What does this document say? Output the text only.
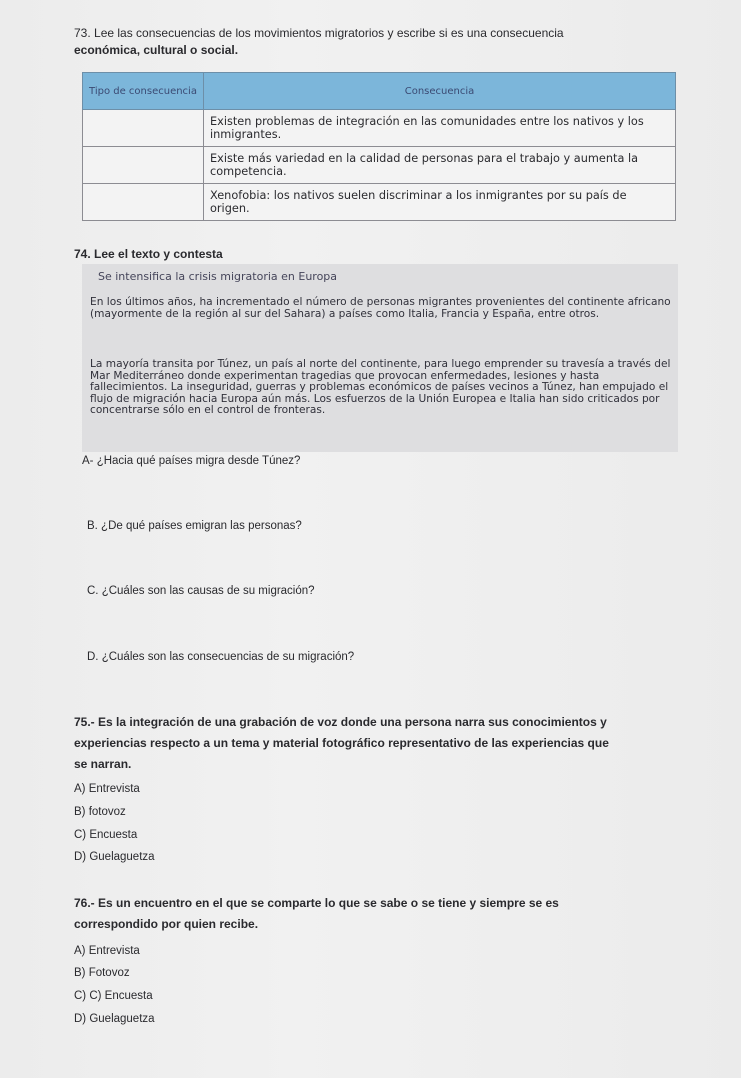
73. Lee las consecuencias de los movimientos migratorios y escribe si es una consecuencia
económica, cultural o social.
Tipo de consecuencia	Consecuencia
	Existen problemas de integración en las comunidades entre los nativos y los inmigrantes.
	Existe más variedad en la calidad de personas para el trabajo y aumenta la competencia.
	Xenofobia: los nativos suelen discriminar a los inmigrantes por su país de origen.
74. Lee el texto y contesta
Se intensifica la crisis migratoria en Europa
En los últimos años, ha incrementado el número de personas migrantes provenientes del continente africano (mayormente de la región al sur del Sahara) a países como Italia, Francia y España, entre otros.
La mayoría transita por Túnez, un país al norte del continente, para luego emprender su travesía a través del Mar Mediterráneo donde experimentan tragedias que provocan enfermedades, lesiones y hasta fallecimientos. La inseguridad, guerras y problemas económicos de países vecinos a Túnez, han empujado el flujo de migración hacia Europa aún más. Los esfuerzos de la Unión Europea e Italia han sido criticados por concentrarse sólo en el control de fronteras.
A- ¿Hacia qué países migra desde Túnez?
B. ¿De qué países emigran las personas?
C. ¿Cuáles son las causas de su migración?
D. ¿Cuáles son las consecuencias de su migración?
75.- Es la integración de una grabación de voz donde una persona narra sus conocimientos y
experiencias respecto a un tema y material fotográfico representativo de las experiencias que
se narran.
A) Entrevista
B) fotovoz
C) Encuesta
D) Guelaguetza
76.- Es un encuentro en el que se comparte lo que se sabe o se tiene y siempre se es
correspondido por quien recibe.
A) Entrevista
B) Fotovoz
C) C) Encuesta
D) Guelaguetza
